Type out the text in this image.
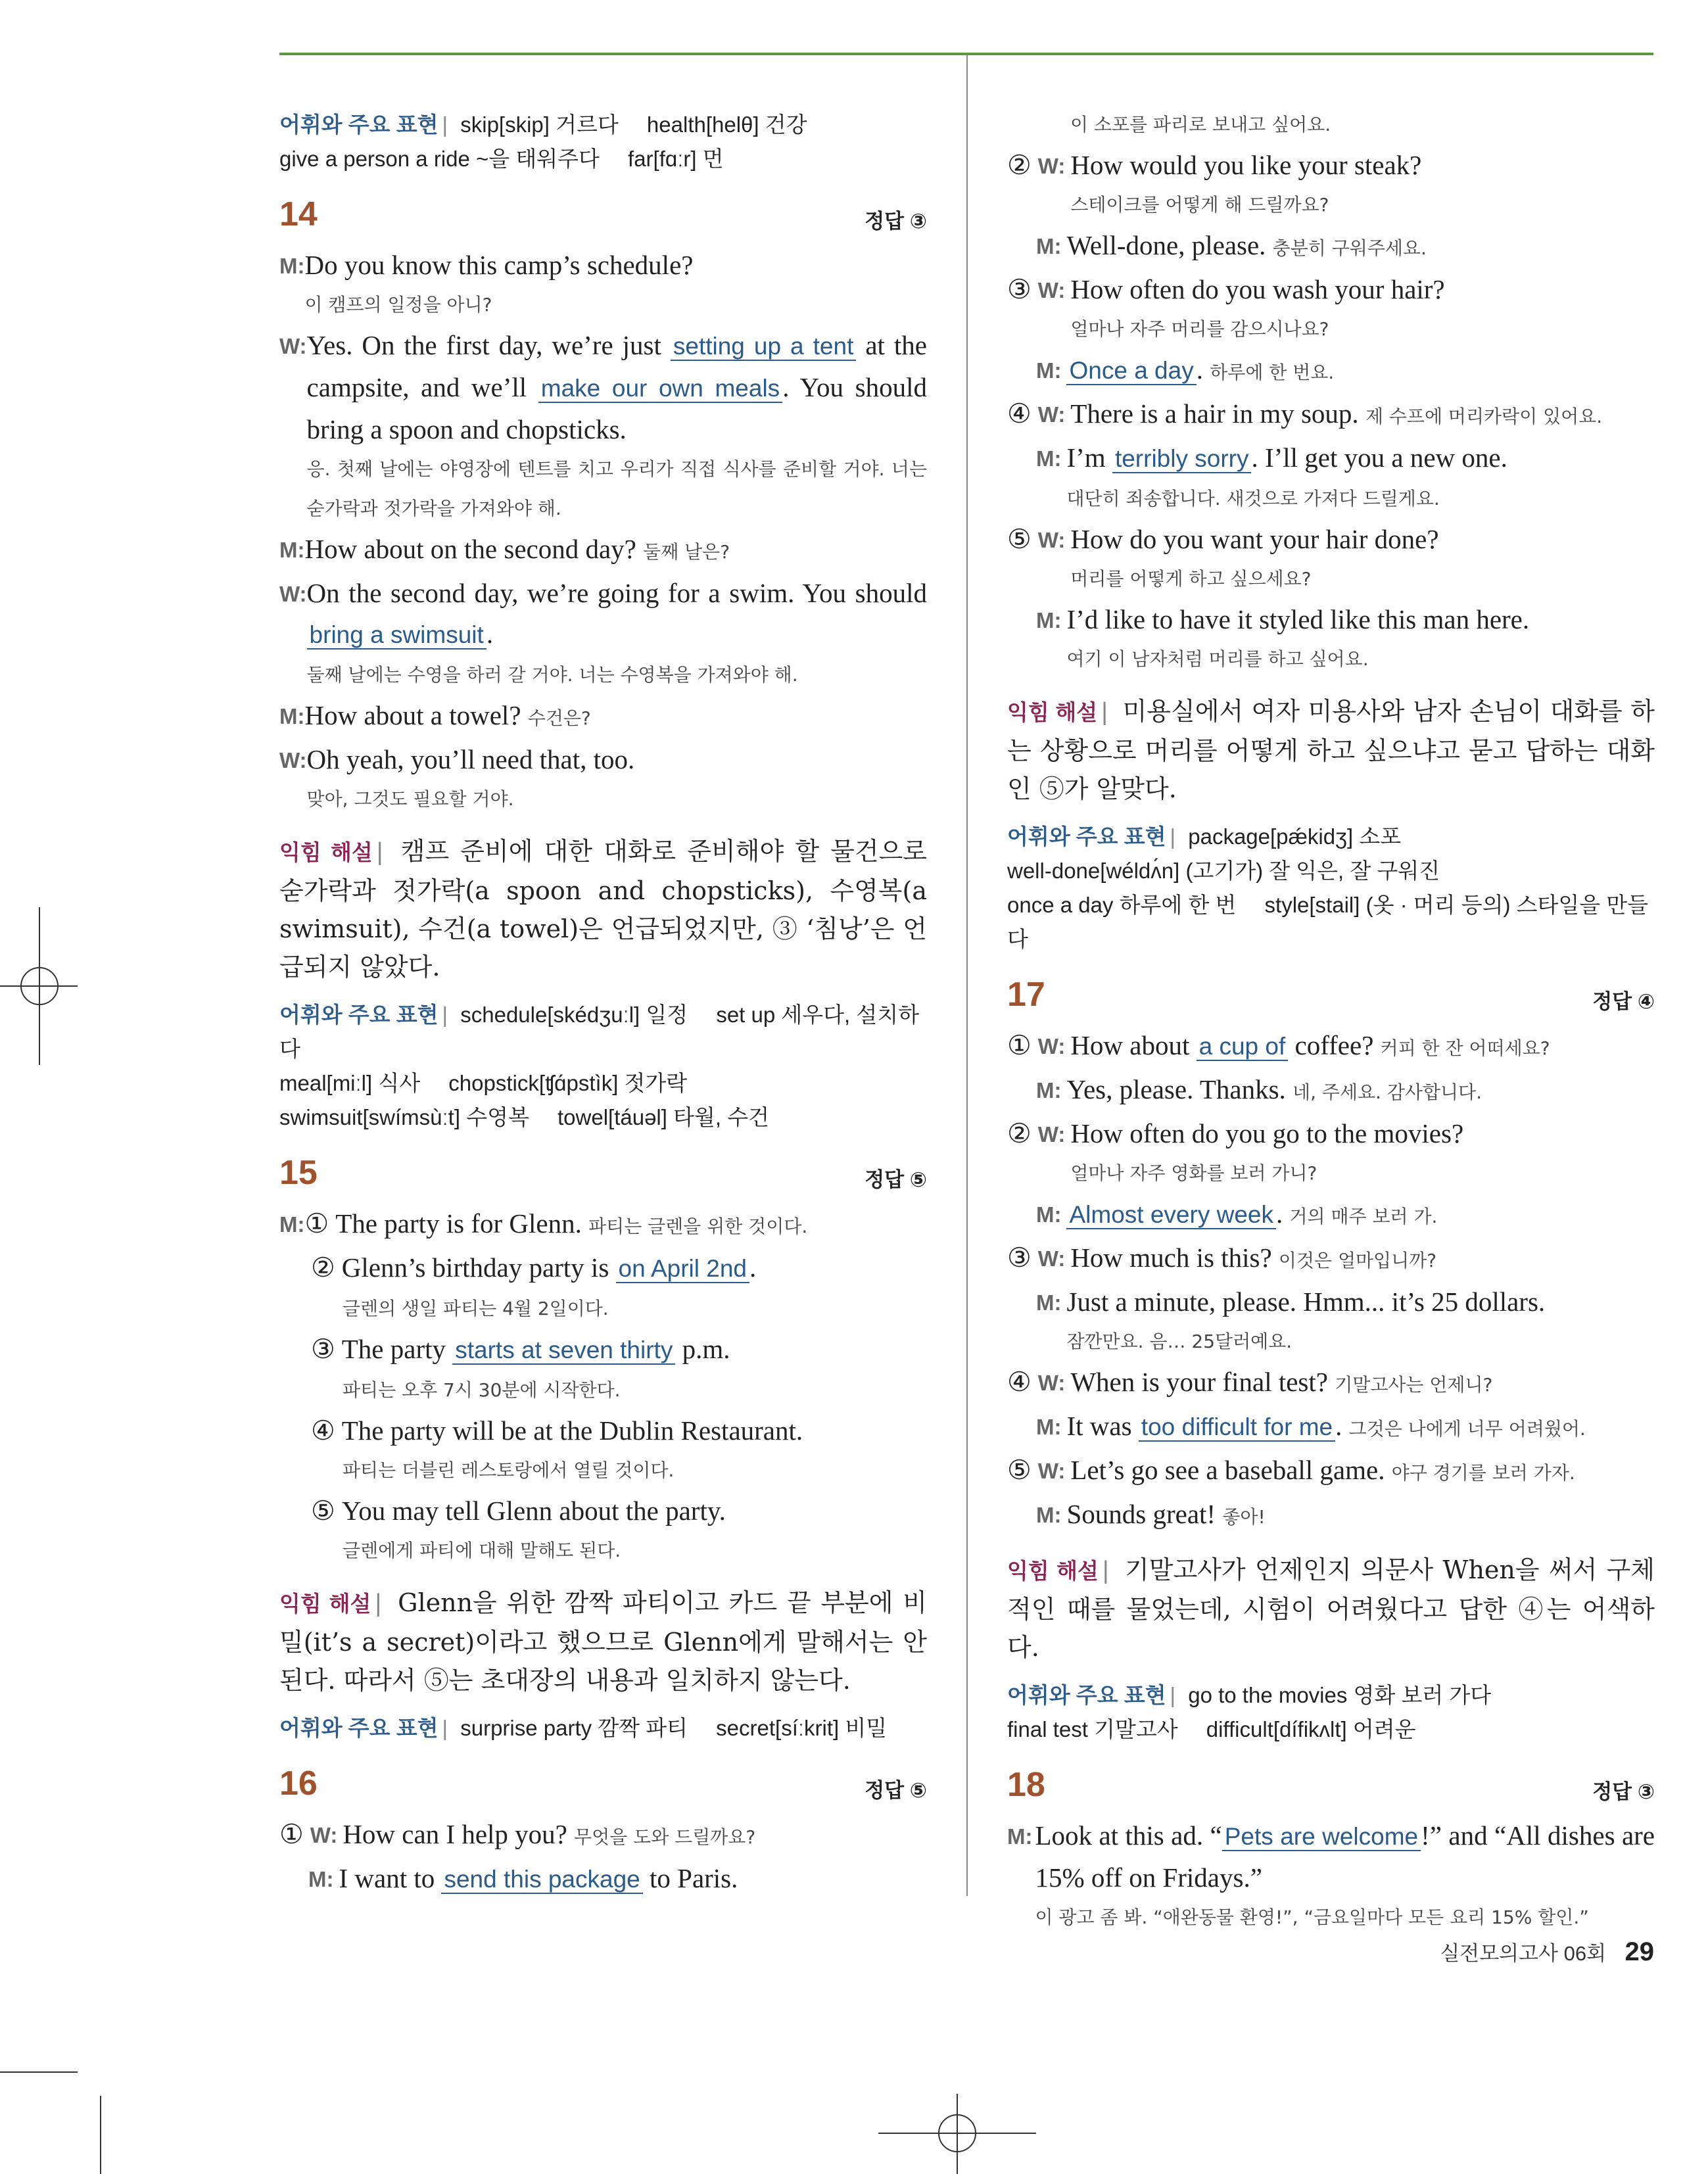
어휘와 주요 표현 | skip[skip] 거르다 health[helθ] 건강
give a person a ride ~을 태워주다 far[fɑːr] 먼
14	정답 ③
M: Do you know this camp’s schedule?
이 캠프의 일정을 아니?
W: Yes. On the first day, we’re just setting up a tent at the campsite, and we’ll make our own meals. You should bring a spoon and chopsticks.
응. 첫째 날에는 야영장에 텐트를 치고 우리가 직접 식사를 준비할 거야. 너는 숟가락과 젓가락을 가져와야 해.
M: How about on the second day? 둘째 날은?
W: On the second day, we’re going for a swim. You should bring a swimsuit.
둘째 날에는 수영을 하러 갈 거야. 너는 수영복을 가져와야 해.
M: How about a towel? 수건은?
W: Oh yeah, you’ll need that, too.
맞아, 그것도 필요할 거야.
익힘 해설 | 캠프 준비에 대한 대화로 준비해야 할 물건으로 숟가락과 젓가락(a spoon and chopsticks), 수영복(a swimsuit), 수건(a towel)은 언급되었지만, ③ ‘침낭’은 언급되지 않았다.
어휘와 주요 표현 | schedule[skédʒuːl] 일정 set up 세우다, 설치하다
meal[miːl] 식사 chopstick[ʧɑ́pstìk] 젓가락
swimsuit[swímsùːt] 수영복 towel[táuəl] 타월, 수건
15	정답 ⑤
M: ① The party is for Glenn. 파티는 글렌을 위한 것이다.
② Glenn’s birthday party is on April 2nd.
글렌의 생일 파티는 4월 2일이다.
③ The party starts at seven thirty p.m.
파티는 오후 7시 30분에 시작한다.
④ The party will be at the Dublin Restaurant.
파티는 더블린 레스토랑에서 열릴 것이다.
⑤ You may tell Glenn about the party.
글렌에게 파티에 대해 말해도 된다.
익힘 해설 | Glenn을 위한 깜짝 파티이고 카드 끝 부분에 비밀(it’s a secret)이라고 했으므로 Glenn에게 말해서는 안 된다. 따라서 ⑤는 초대장의 내용과 일치하지 않는다.
어휘와 주요 표현 | surprise party 깜짝 파티 secret[síːkrit] 비밀
16	정답 ⑤
① W: How can I help you? 무엇을 도와 드릴까요?
M: I want to send this package to Paris.
이 소포를 파리로 보내고 싶어요.
② W: How would you like your steak?
스테이크를 어떻게 해 드릴까요?
M: Well-done, please. 충분히 구워주세요.
③ W: How often do you wash your hair?
얼마나 자주 머리를 감으시나요?
M: Once a day. 하루에 한 번요.
④ W: There is a hair in my soup. 제 수프에 머리카락이 있어요.
M: I’m terribly sorry. I’ll get you a new one.
대단히 죄송합니다. 새것으로 가져다 드릴게요.
⑤ W: How do you want your hair done?
머리를 어떻게 하고 싶으세요?
M: I’d like to have it styled like this man here.
여기 이 남자처럼 머리를 하고 싶어요.
익힘 해설 | 미용실에서 여자 미용사와 남자 손님이 대화를 하는 상황으로 머리를 어떻게 하고 싶으냐고 묻고 답하는 대화인 ⑤가 알맞다.
어휘와 주요 표현 | package[pǽkidʒ] 소포
well-done[wéldʌ́n] (고기가) 잘 익은, 잘 구워진
once a day 하루에 한 번 style[stail] (옷 · 머리 등의) 스타일을 만들다
17	정답 ④
① W: How about a cup of coffee? 커피 한 잔 어떠세요?
M: Yes, please. Thanks. 네, 주세요. 감사합니다.
② W: How often do you go to the movies?
얼마나 자주 영화를 보러 가니?
M: Almost every week. 거의 매주 보러 가.
③ W: How much is this? 이것은 얼마입니까?
M: Just a minute, please. Hmm... it’s 25 dollars.
잠깐만요. 음… 25달러예요.
④ W: When is your final test? 기말고사는 언제니?
M: It was too difficult for me. 그것은 나에게 너무 어려웠어.
⑤ W: Let’s go see a baseball game. 야구 경기를 보러 가자.
M: Sounds great! 좋아!
익힘 해설 | 기말고사가 언제인지 의문사 When을 써서 구체적인 때를 물었는데, 시험이 어려웠다고 답한 ④는 어색하다.
어휘와 주요 표현 | go to the movies 영화 보러 가다
final test 기말고사 difficult[dífikʌlt] 어려운
18	정답 ③
M: Look at this ad. “ Pets are welcome!” and “All dishes are 15% off on Fridays.”
이 광고 좀 봐. “애완동물 환영!”, “금요일마다 모든 요리 15% 할인.”
실전모의고사 06회 29
